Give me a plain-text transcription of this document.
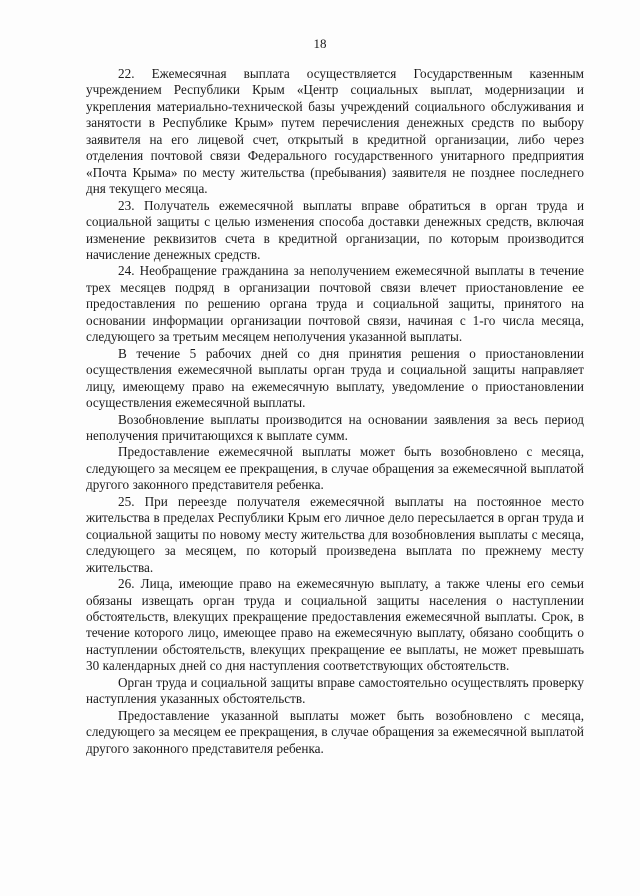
18

22. Ежемесячная выплата осуществляется Государственным казенным учреждением Республики Крым «Центр социальных выплат, модернизации и укрепления материально-технической базы учреждений социального обслуживания и занятости в Республике Крым» путем перечисления денежных средств по выбору заявителя на его лицевой счет, открытый в кредитной организации, либо через отделения почтовой связи Федерального государственного унитарного предприятия «Почта Крыма» по месту жительства (пребывания) заявителя не позднее последнего дня текущего месяца.

23. Получатель ежемесячной выплаты вправе обратиться в орган труда и социальной защиты с целью изменения способа доставки денежных средств, включая изменение реквизитов счета в кредитной организации, по которым производится начисление денежных средств.

24. Необращение гражданина за неполучением ежемесячной выплаты в течение трех месяцев подряд в организации почтовой связи влечет приостановление ее предоставления по решению органа труда и социальной защиты, принятого на основании информации организации почтовой связи, начиная с 1-го числа месяца, следующего за третьим месяцем неполучения указанной выплаты.

В течение 5 рабочих дней со дня принятия решения о приостановлении осуществления ежемесячной выплаты орган труда и социальной защиты направляет лицу, имеющему право на ежемесячную выплату, уведомление о приостановлении осуществления ежемесячной выплаты.

Возобновление выплаты производится на основании заявления за весь период неполучения причитающихся к выплате сумм.

Предоставление ежемесячной выплаты может быть возобновлено с месяца, следующего за месяцем ее прекращения, в случае обращения за ежемесячной выплатой другого законного представителя ребенка.

25. При переезде получателя ежемесячной выплаты на постоянное место жительства в пределах Республики Крым его личное дело пересылается в орган труда и социальной защиты по новому месту жительства для возобновления выплаты с месяца, следующего за месяцем, по который произведена выплата по прежнему месту жительства.

26. Лица, имеющие право на ежемесячную выплату, а также члены его семьи обязаны извещать орган труда и социальной защиты населения о наступлении обстоятельств, влекущих прекращение предоставления ежемесячной выплаты. Срок, в течение которого лицо, имеющее право на ежемесячную выплату, обязано сообщить о наступлении обстоятельств, влекущих прекращение ее выплаты, не может превышать 30 календарных дней со дня наступления соответствующих обстоятельств.

Орган труда и социальной защиты вправе самостоятельно осуществлять проверку наступления указанных обстоятельств.

Предоставление указанной выплаты может быть возобновлено с месяца, следующего за месяцем ее прекращения, в случае обращения за ежемесячной выплатой другого законного представителя ребенка.
